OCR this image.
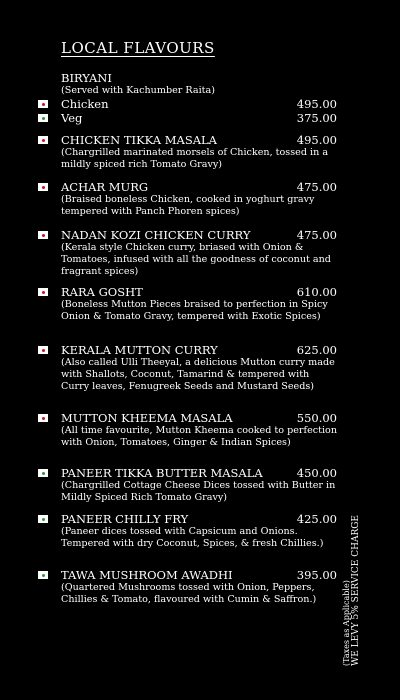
LOCAL FLAVOURS
BIRYANI
(Served with Kachumber Raita)
Chicken	495.00
Veg	375.00
CHICKEN TIKKA MASALA	495.00
(Chargrilled marinated morsels of Chicken, tossed in a mildly spiced rich Tomato Gravy)
ACHAR MURG	475.00
(Braised boneless Chicken, cooked in yoghurt gravy tempered with Panch Phoren spices)
NADAN KOZI CHICKEN CURRY	475.00
(Kerala style Chicken curry, briased with Onion & Tomatoes, infused with all the goodness of coconut and fragrant spices)
RARA GOSHT	610.00
(Boneless Mutton Pieces braised to perfection in Spicy Onion & Tomato Gravy, tempered with Exotic Spices)
KERALA MUTTON CURRY	625.00
(Also called Ulli Theeyal, a delicious Mutton curry made with Shallots, Coconut, Tamarind & tempered with Curry leaves, Fenugreek Seeds and Mustard Seeds)
MUTTON KHEEMA MASALA	550.00
(All time favourite, Mutton Kheema cooked to perfection with Onion, Tomatoes, Ginger & Indian Spices)
PANEER TIKKA BUTTER MASALA	450.00
(Chargrilled Cottage Cheese Dices tossed with Butter in Mildly Spiced Rich Tomato Gravy)
PANEER CHILLY FRY	425.00
(Paneer dices tossed with Capsicum and Onions. Tempered with dry Coconut, Spices, & fresh Chillies.)
TAWA MUSHROOM AWADHI	395.00
(Quartered Mushrooms tossed with Onion, Peppers, Chillies & Tomato, flavoured with Cumin & Saffron.)	(Taxes as Applicable) WE LEVY 5% SERVICE CHARGE
